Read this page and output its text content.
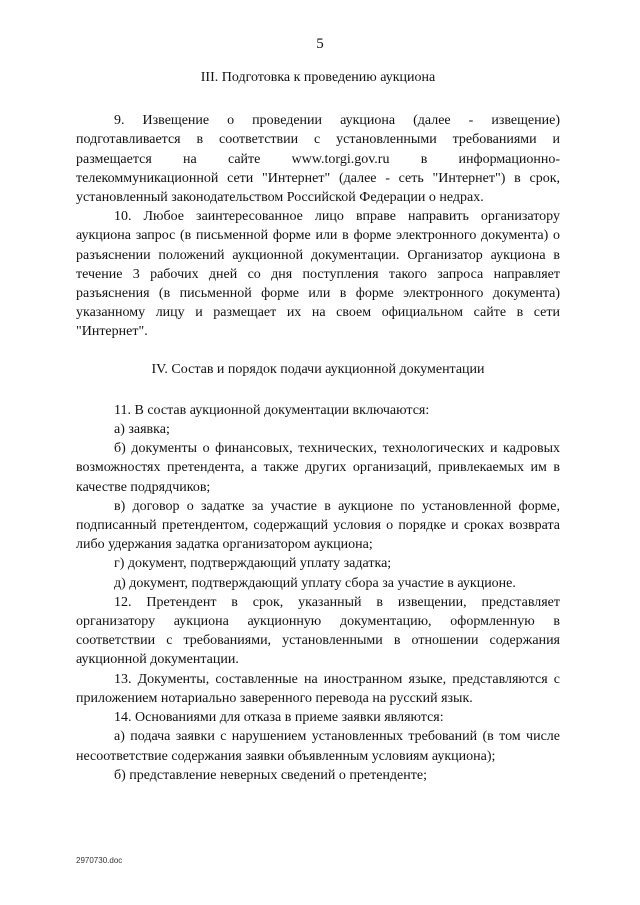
5

III. Подготовка к проведению аукциона

9. Извещение о проведении аукциона (далее - извещение) подготавливается в соответствии с установленными требованиями и размещается на сайте www.torgi.gov.ru в информационно-телекоммуникационной сети "Интернет" (далее - сеть "Интернет") в срок, установленный законодательством Российской Федерации о недрах.

10. Любое заинтересованное лицо вправе направить организатору аукциона запрос (в письменной форме или в форме электронного документа) о разъяснении положений аукционной документации. Организатор аукциона в течение 3 рабочих дней со дня поступления такого запроса направляет разъяснения (в письменной форме или в форме электронного документа) указанному лицу и размещает их на своем официальном сайте в сети "Интернет".

IV. Состав и порядок подачи аукционной документации

11. В состав аукционной документации включаются:

а) заявка;

б) документы о финансовых, технических, технологических и кадровых возможностях претендента, а также других организаций, привлекаемых им в качестве подрядчиков;

в) договор о задатке за участие в аукционе по установленной форме, подписанный претендентом, содержащий условия о порядке и сроках возврата либо удержания задатка организатором аукциона;

г) документ, подтверждающий уплату задатка;

д) документ, подтверждающий уплату сбора за участие в аукционе.

12. Претендент в срок, указанный в извещении, представляет организатору аукциона аукционную документацию, оформленную в соответствии с требованиями, установленными в отношении содержания аукционной документации.

13. Документы, составленные на иностранном языке, представляются с приложением нотариально заверенного перевода на русский язык.

14. Основаниями для отказа в приеме заявки являются:

а) подача заявки с нарушением установленных требований (в том числе несоответствие содержания заявки объявленным условиям аукциона);

б) представление неверных сведений о претенденте;

2970730.doc
